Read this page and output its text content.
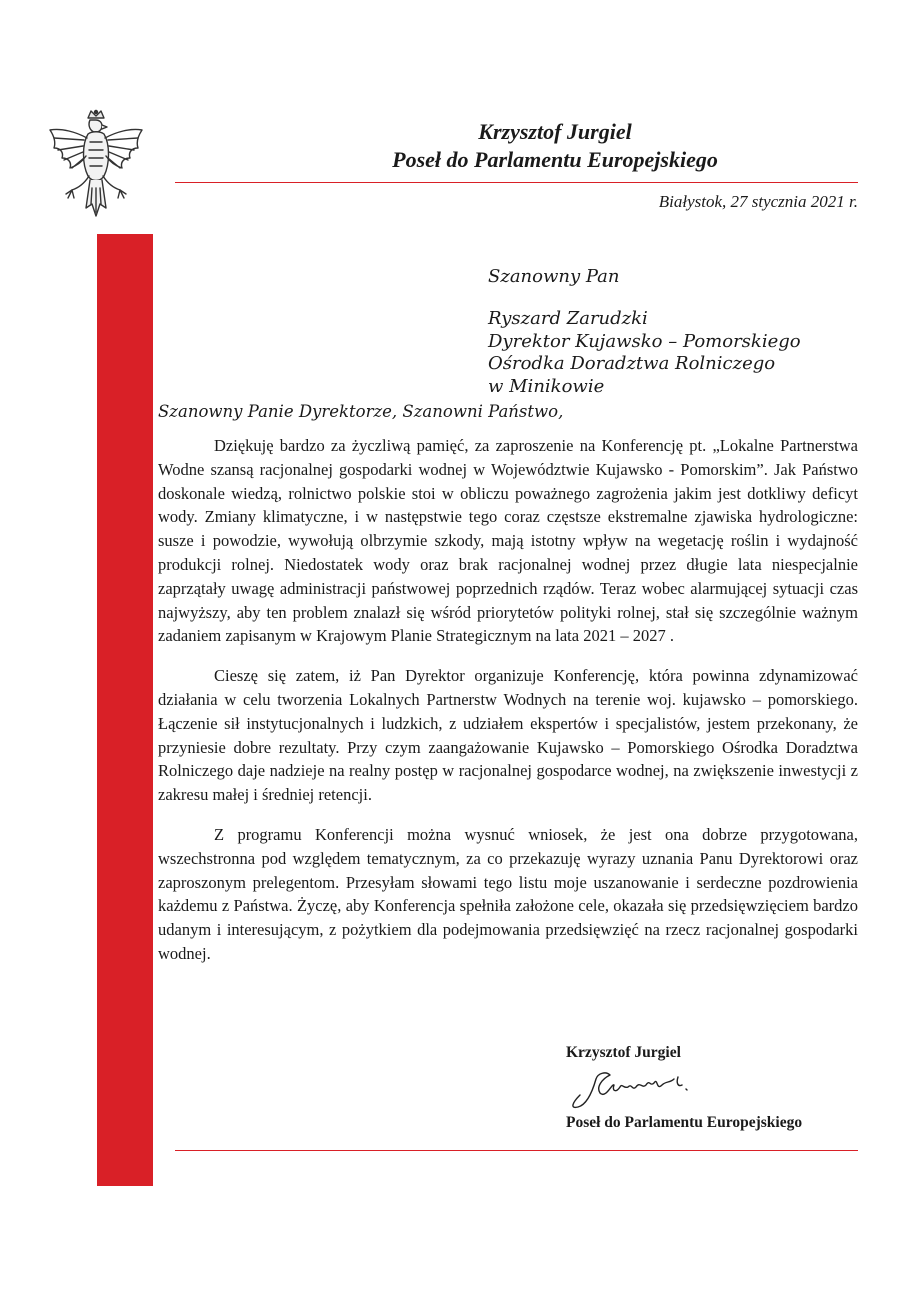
Krzysztof Jurgiel
Poseł do Parlamentu Europejskiego
Białystok, 27 stycznia 2021 r.
Szanowny Pan
Ryszard Zarudzki
Dyrektor Kujawsko – Pomorskiego
Ośrodka Doradztwa Rolniczego
w Minikowie
Szanowny Panie Dyrektorze, Szanowni Państwo,

Dziękuję bardzo za życzliwą pamięć, za zaproszenie na Konferencję pt. „Lokalne Partnerstwa Wodne szansą racjonalnej gospodarki wodnej w Województwie Kujawsko - Pomorskim”. Jak Państwo doskonale wiedzą, rolnictwo polskie stoi w obliczu poważnego zagrożenia jakim jest dotkliwy deficyt wody. Zmiany klimatyczne, i w następstwie tego coraz częstsze ekstremalne zjawiska hydrologiczne: susze i powodzie, wywołują olbrzymie szkody, mają istotny wpływ na wegetację roślin i wydajność produkcji rolnej. Niedostatek wody oraz brak racjonalnej wodnej przez długie lata niespecjalnie zaprzątały uwagę administracji państwowej poprzednich rządów. Teraz wobec alarmującej sytuacji czas najwyższy, aby ten problem znalazł się wśród priorytetów polityki rolnej, stał się szczególnie ważnym zadaniem zapisanym w Krajowym Planie Strategicznym na lata 2021 – 2027 .

Cieszę się zatem, iż Pan Dyrektor organizuje Konferencję, która powinna zdynamizować działania w celu tworzenia Lokalnych Partnerstw Wodnych na terenie woj. kujawsko – pomorskiego. Łączenie sił instytucjonalnych i ludzkich, z udziałem ekspertów i specjalistów, jestem przekonany, że przyniesie dobre rezultaty. Przy czym zaangażowanie Kujawsko – Pomorskiego Ośrodka Doradztwa Rolniczego daje nadzieje na realny postęp w racjonalnej gospodarce wodnej, na zwiększenie inwestycji z zakresu małej i średniej retencji.

Z programu Konferencji można wysnuć wniosek, że jest ona dobrze przygotowana, wszechstronna pod względem tematycznym, za co przekazuję wyrazy uznania Panu Dyrektorowi oraz zaproszonym prelegentom. Przesyłam słowami tego listu moje uszanowanie i serdeczne pozdrowienia każdemu z Państwa. Życzę, aby Konferencja spełniła założone cele, okazała się przedsięwzięciem bardzo udanym i interesującym, z pożytkiem dla podejmowania przedsięwzięć na rzecz racjonalnej gospodarki wodnej.

Krzysztof Jurgiel
Poseł do Parlamentu Europejskiego
